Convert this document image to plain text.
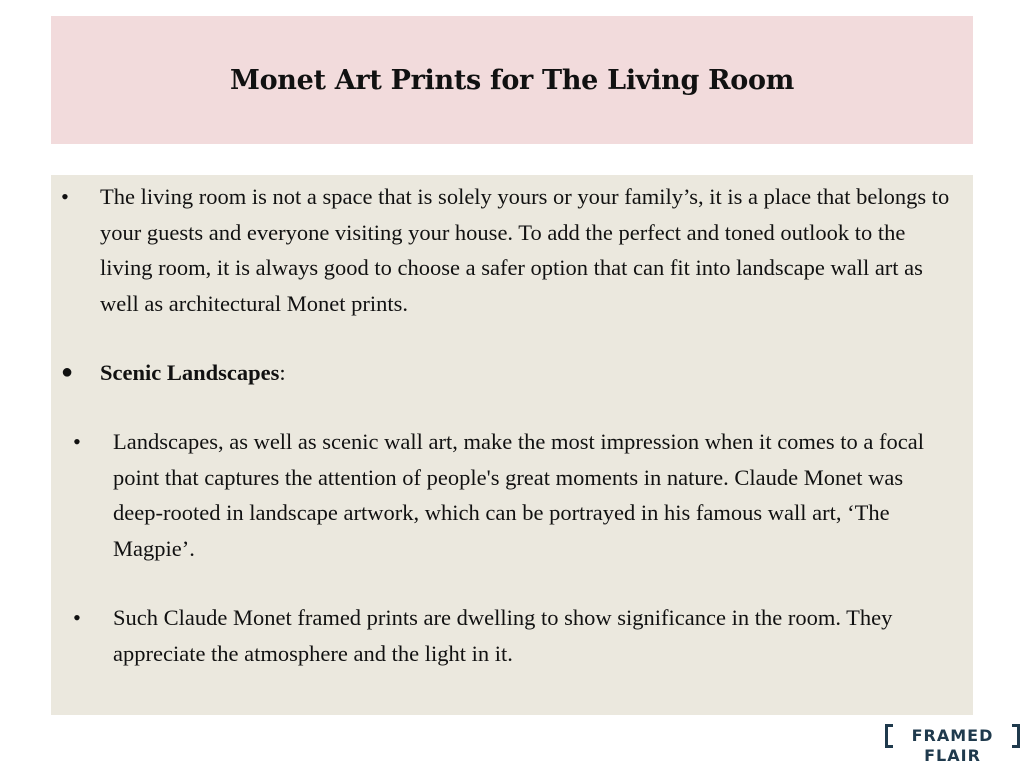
Monet Art Prints for The Living Room
•	The living room is not a space that is solely yours or your family’s, it is a place that belongs to your guests and everyone visiting your house. To add the perfect and toned outlook to the living room, it is always good to choose a safer option that can fit into landscape wall art as well as architectural Monet prints.
●	Scenic Landscapes:
•	Landscapes, as well as scenic wall art, make the most impression when it comes to a focal point that captures the attention of people's great moments in nature. Claude Monet was deep-rooted in landscape artwork, which can be portrayed in his famous wall art, ‘The Magpie’.
•	Such Claude Monet framed prints are dwelling to show significance in the room. They appreciate the atmosphere and the light in it.
FRAMED FLAIR
